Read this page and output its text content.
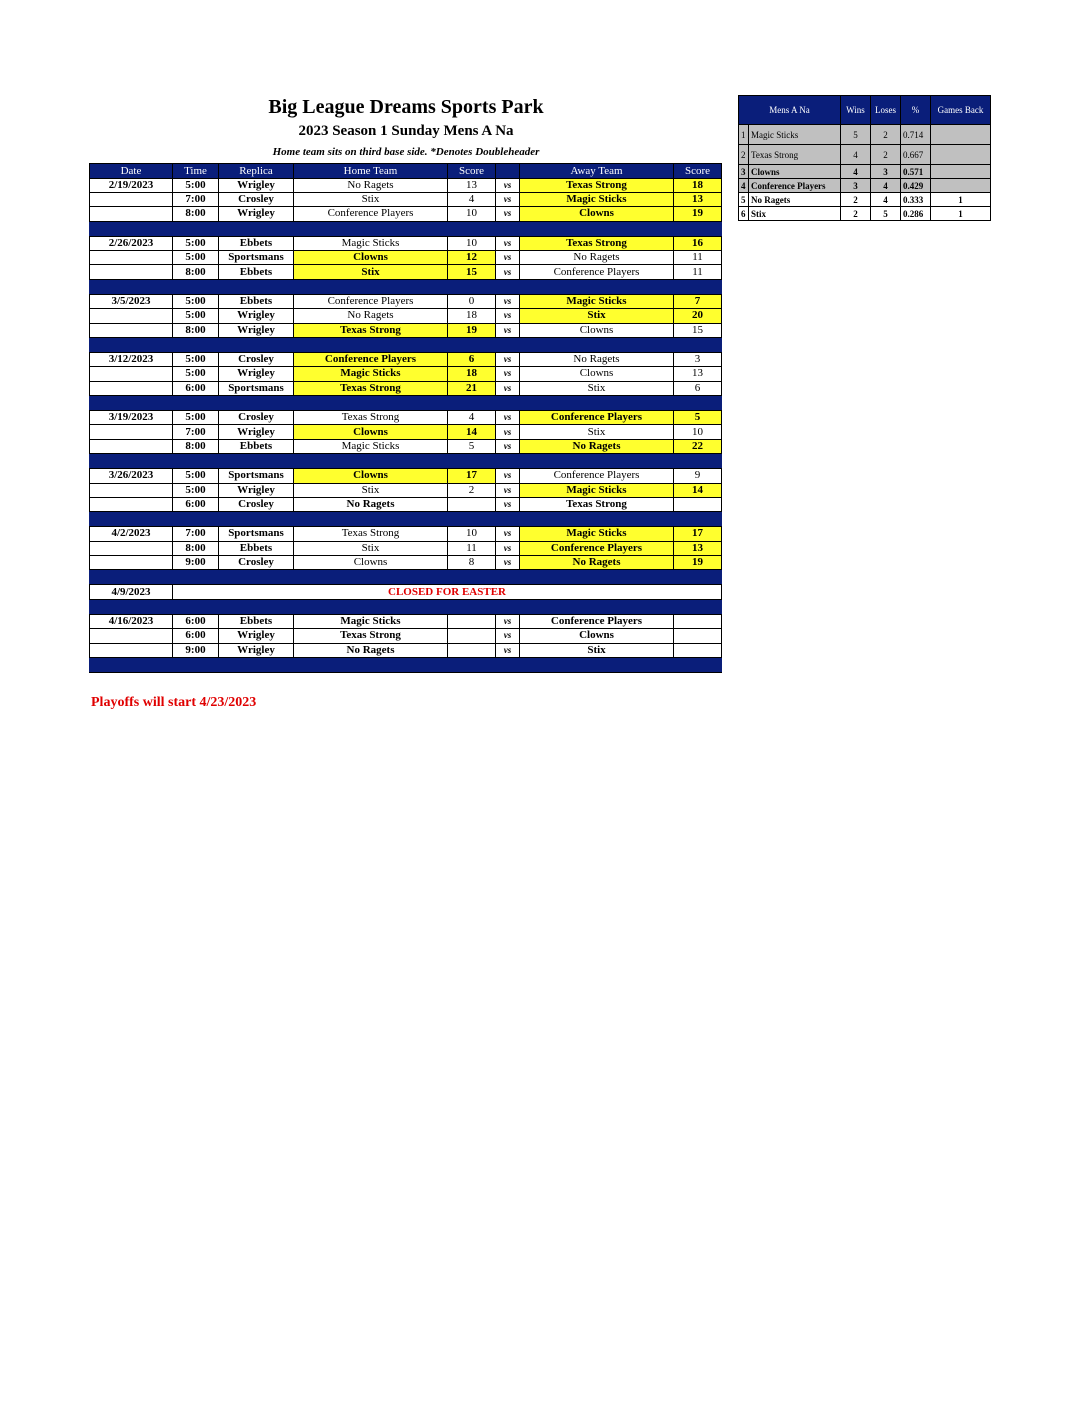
Big League Dreams Sports Park
2023 Season 1 Sunday Mens A Na
Home team sits on third base side. *Denotes Doubleheader
Date	Time	Replica	Home Team	Score		Away Team	Score
2/19/2023	5:00	Wrigley	No Ragets	13	vs	Texas Strong	18
	7:00	Crosley	Stix	4	vs	Magic Sticks	13
	8:00	Wrigley	Conference Players	10	vs	Clowns	19

2/26/2023	5:00	Ebbets	Magic Sticks	10	vs	Texas Strong	16
	5:00	Sportsmans	Clowns	12	vs	No Ragets	11
	8:00	Ebbets	Stix	15	vs	Conference Players	11

3/5/2023	5:00	Ebbets	Conference Players	0	vs	Magic Sticks	7
	5:00	Wrigley	No Ragets	18	vs	Stix	20
	8:00	Wrigley	Texas Strong	19	vs	Clowns	15

3/12/2023	5:00	Crosley	Conference Players	6	vs	No Ragets	3
	5:00	Wrigley	Magic Sticks	18	vs	Clowns	13
	6:00	Sportsmans	Texas Strong	21	vs	Stix	6

3/19/2023	5:00	Crosley	Texas Strong	4	vs	Conference Players	5
	7:00	Wrigley	Clowns	14	vs	Stix	10
	8:00	Ebbets	Magic Sticks	5	vs	No Ragets	22

3/26/2023	5:00	Sportsmans	Clowns	17	vs	Conference Players	9
	5:00	Wrigley	Stix	2	vs	Magic Sticks	14
	6:00	Crosley	No Ragets		vs	Texas Strong	

4/2/2023	7:00	Sportsmans	Texas Strong	10	vs	Magic Sticks	17
	8:00	Ebbets	Stix	11	vs	Conference Players	13
	9:00	Crosley	Clowns	8	vs	No Ragets	19

4/9/2023	CLOSED FOR EASTER						

4/16/2023	6:00	Ebbets	Magic Sticks		vs	Conference Players	
	6:00	Wrigley	Texas Strong		vs	Clowns	
	9:00	Wrigley	No Ragets		vs	Stix	

Mens A Na		Wins	Loses	%	Games Back
1	Magic Sticks	5	2	0.714	
2	Texas Strong	4	2	0.667	
3	Clowns	4	3	0.571	
4	Conference Players	3	4	0.429	
5	No Ragets	2	4	0.333	1
6	Stix	2	5	0.286	1
Playoffs will start 4/23/2023
